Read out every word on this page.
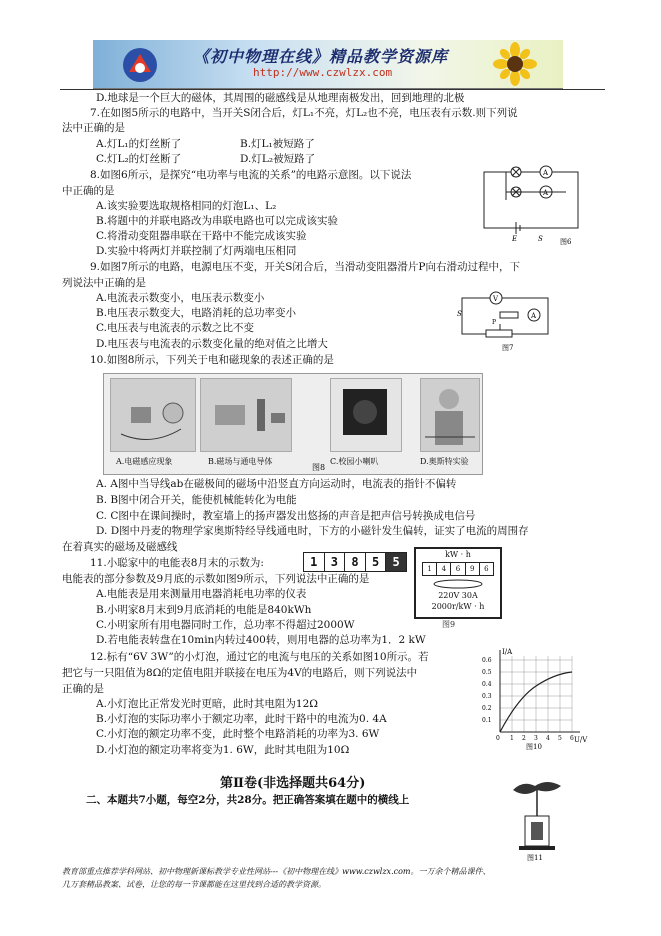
《初中物理在线》精品教学资源库
http://www.czwlzx.com
D.地球是一个巨大的磁体，其周围的磁感线是从地理南极发出，回到地理的北极
7.在如图5所示的电路中，当开关S闭合后，灯L₁不亮，灯L₂也不亮，电压表有示数.则下列说
法中正确的是
A.灯L₁的灯丝断了	B.灯L₁被短路了
C.灯L₂的灯丝断了	D.灯L₂被短路了
8.如图6所示，是探究“电功率与电流的关系”的电路示意图。以下说法
中正确的是
A.该实验要选取规格相同的灯泡L₁、L₂
B.将题中的并联电路改为串联电路也可以完成该实验
C.将滑动变阻器串联在干路中不能完成该实验
D.实验中将两灯并联控制了灯两端电压相同
9.如图7所示的电路，电源电压不变，开关S闭合后，当滑动变阻器滑片P向右滑动过程中，下
列说法中正确的是
A.电流表示数变小，电压表示数变小
B.电压表示数变大，电路消耗的总功率变小
C.电压表与电流表的示数之比不变
D.电压表与电流表的示数变化量的绝对值之比增大
10.如图8所示，下列关于电和磁现象的表述正确的是
A. A图中当导线ab在磁极间的磁场中沿竖直方向运动时，电流表的指针不偏转
B. B图中闭合开关，能使机械能转化为电能
C. C图中在课间操时，教室墙上的扬声器发出悠扬的声音是把声信号转换成电信号
D. D图中丹麦的物理学家奥斯特经导线通电时，下方的小磁针发生偏转，证实了电流的周围存
在着真实的磁场及磁感线
11.小聪家中的电能表8月末的示数为:
电能表的部分参数及9月底的示数如图9所示，下列说法中正确的是
A.电能表是用来测量用电器消耗电功率的仪表
B.小明家8月末到9月底消耗的电能是840kWh
C.小明家所有用电器同时工作，总功率不得超过2000W
D.若电能表转盘在10min内转过400转，则用电器的总功率为1．2 kW
12.标有“6V 3W”的小灯泡，通过它的电流与电压的关系如图10所示。若
把它与一只阻值为8Ω的定值电阻并联接在电压为4V的电路后，则下列说法中
正确的是
A.小灯泡比正常发光时更暗，此时其电阻为12Ω
B.小灯泡的实际功率小于额定功率，此时干路中的电流为0. 4A
C.小灯泡的额定功率不变，此时整个电路消耗的功率为3. 6W
D.小灯泡的额定功率将变为1. 6W，此时其电阻为10Ω
A
A
E	S 图6
V
A
P
S
图7
A.电磁感应现象	B.磁场与通电导体	C.校园小喇叭	D.奥斯特实验
图8
1	3	8	5	5
kW · h
1	4	6	9	6
220V 30A
2000r/kW · h
图9
I/A
U/V
0.6
0.5
0.4
0.3
0.2
0.1
0 1 2 3 4 5 6
图10
第Ⅱ卷(非选择题共64分)
二、本题共7小题，每空2分，共28分。把正确答案填在题中的横线上
图11
教育部重点推荐学科网站、初中物理新课标教学专业性网站---《初中物理在线》www.czwlzx.com。一万余个精品课件、
几万套精品教案、试卷，让您的每一节课都能在这里找到合适的教学资源。
